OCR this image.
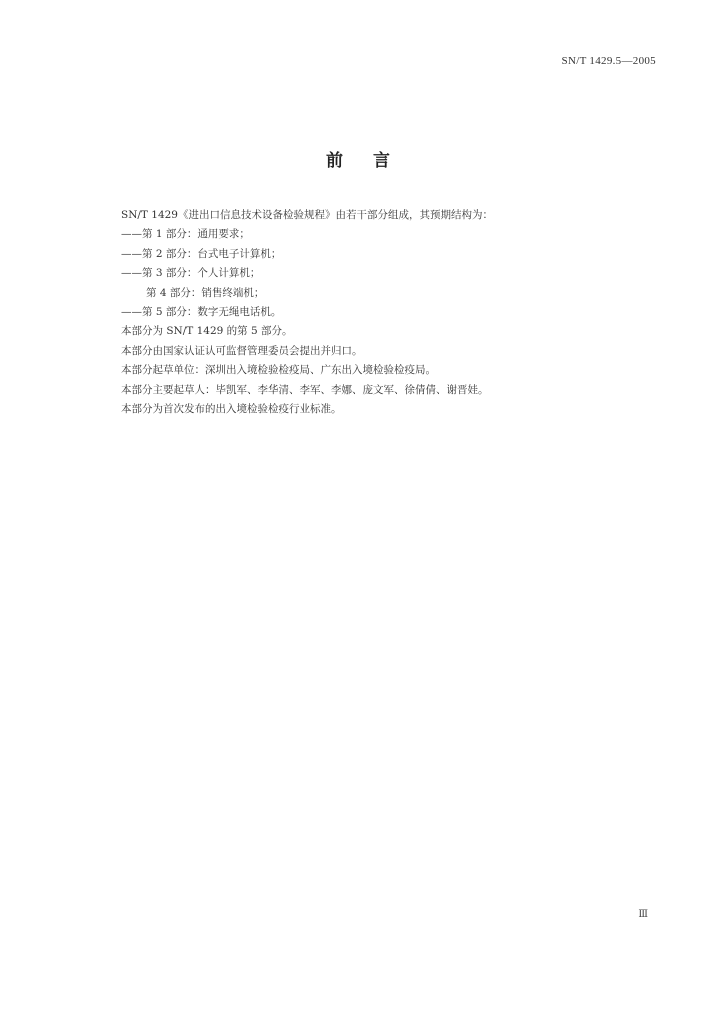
SN/T 1429.5—2005
前言

SN/T 1429《进出口信息技术设备检验规程》由若干部分组成，其预期结构为：

——第 1 部分：通用要求；

——第 2 部分：台式电子计算机；

——第 3 部分：个人计算机；

第 4 部分：销售终端机；

——第 5 部分：数字无绳电话机。

本部分为 SN/T 1429 的第 5 部分。

本部分由国家认证认可监督管理委员会提出并归口。

本部分起草单位：深圳出入境检验检疫局、广东出入境检验检疫局。

本部分主要起草人：毕凯军、李华清、李军、李娜、庞文军、徐倩倩、谢晋娃。

本部分为首次发布的出入境检验检疫行业标准。

Ⅲ
